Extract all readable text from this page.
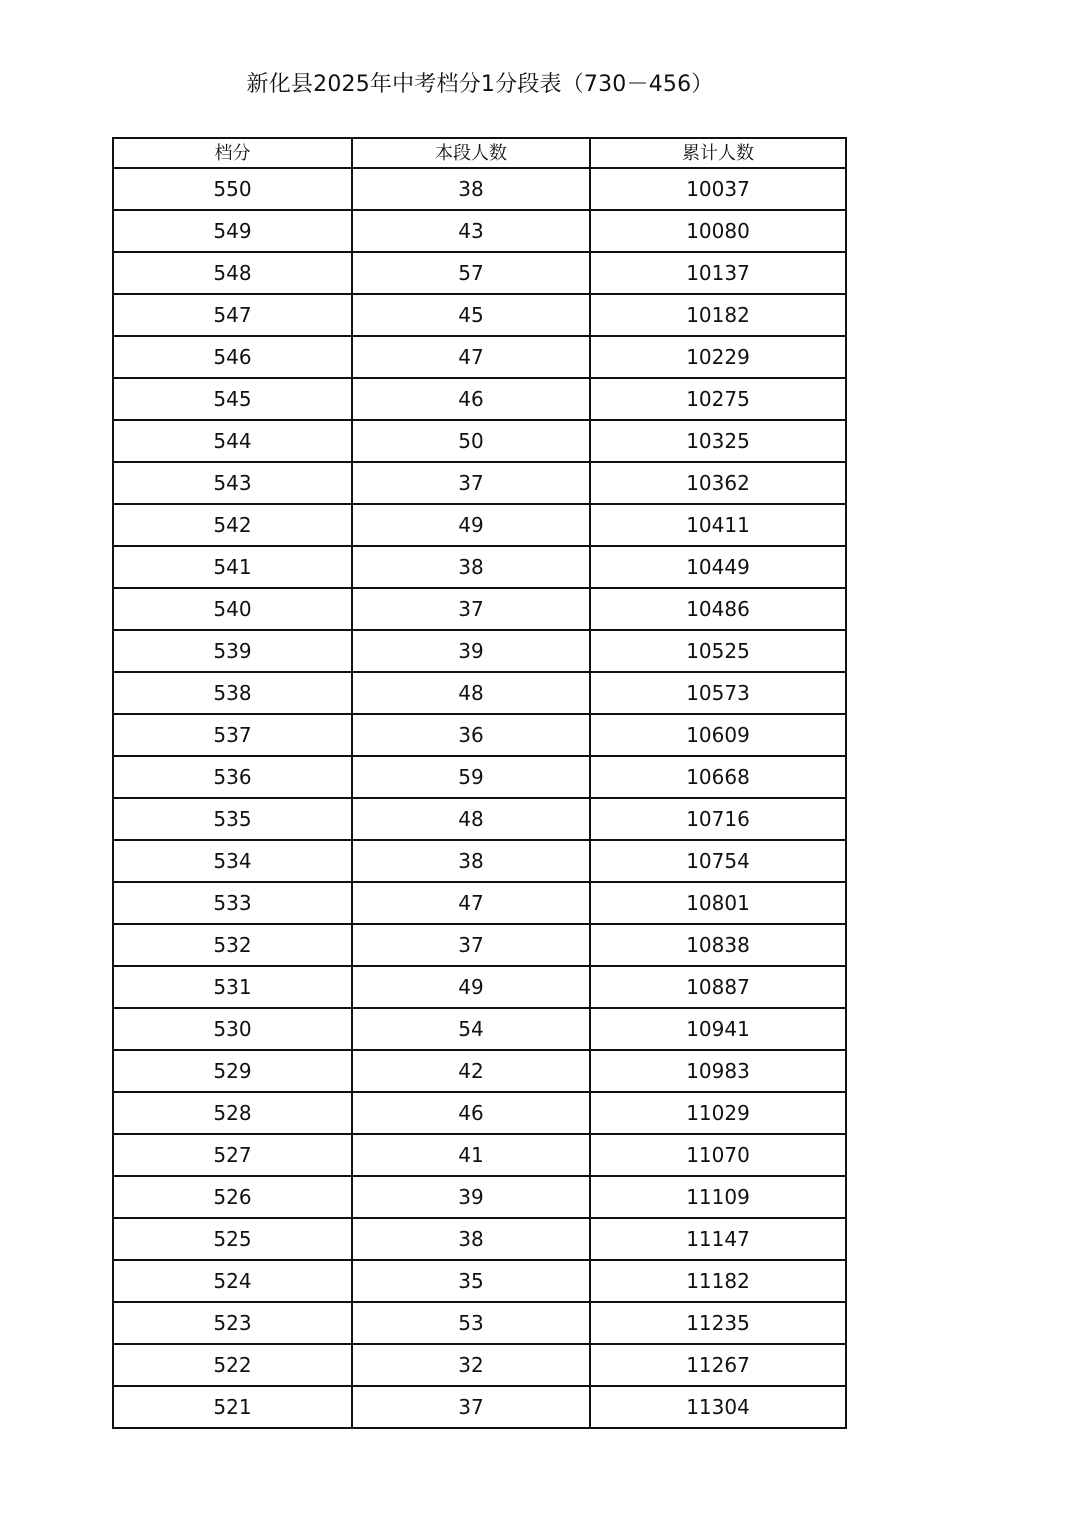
新化县2025年中考档分1分段表（730－456）
档分	本段人数	累计人数
550	38	10037
549	43	10080
548	57	10137
547	45	10182
546	47	10229
545	46	10275
544	50	10325
543	37	10362
542	49	10411
541	38	10449
540	37	10486
539	39	10525
538	48	10573
537	36	10609
536	59	10668
535	48	10716
534	38	10754
533	47	10801
532	37	10838
531	49	10887
530	54	10941
529	42	10983
528	46	11029
527	41	11070
526	39	11109
525	38	11147
524	35	11182
523	53	11235
522	32	11267
521	37	11304
